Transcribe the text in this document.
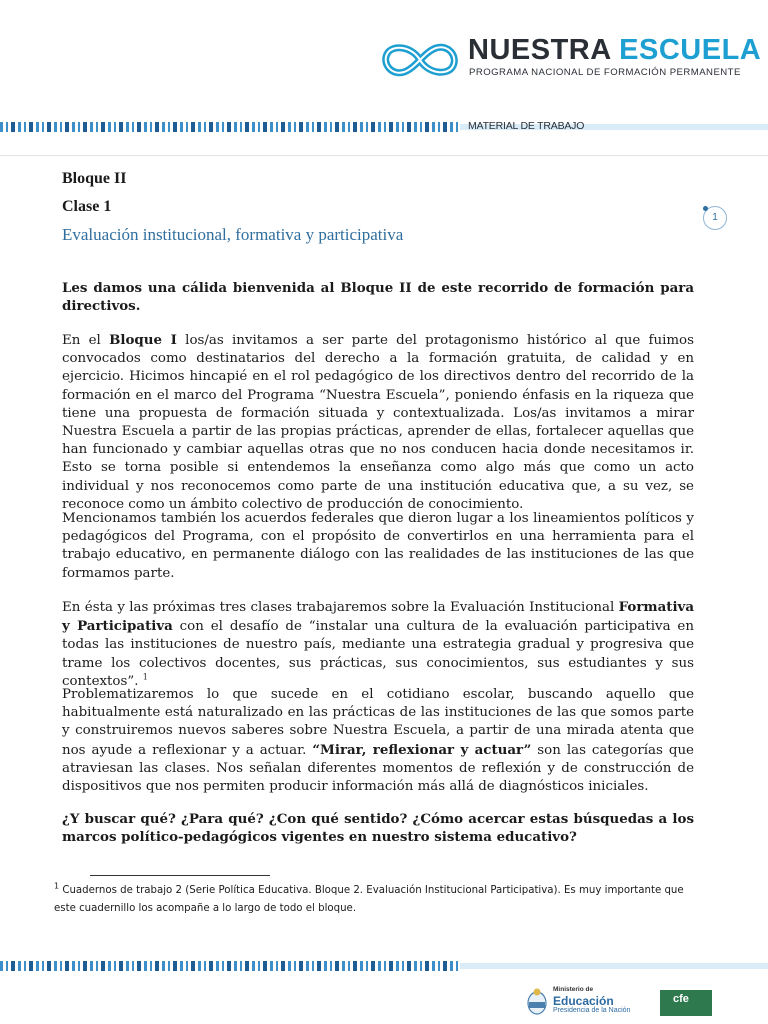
NUESTRA ESCUELA
PROGRAMA NACIONAL DE FORMACIÓN PERMANENTE
MATERIAL DE TRABAJO
Bloque II
Clase 1
Evaluación institucional, formativa y participativa
1
Les damos una cálida bienvenida al Bloque II de este recorrido de formación para directivos.
En el Bloque I los/as invitamos a ser parte del protagonismo histórico al que fuimos convocados como destinatarios del derecho a la formación gratuita, de calidad y en ejercicio. Hicimos hincapié en el rol pedagógico de los directivos dentro del recorrido de la formación en el marco del Programa “Nuestra Escuela”, poniendo énfasis en la riqueza que tiene una propuesta de formación situada y contextualizada. Los/as invitamos a mirar Nuestra Escuela a partir de las propias prácticas, aprender de ellas, fortalecer aquellas que han funcionado y cambiar aquellas otras que no nos conducen hacia donde necesitamos ir. Esto se torna posible si entendemos la enseñanza como algo más que como un acto individual y nos reconocemos como parte de una institución educativa que, a su vez, se reconoce como un ámbito colectivo de producción de conocimiento.
Mencionamos también los acuerdos federales que dieron lugar a los lineamientos políticos y pedagógicos del Programa, con el propósito de convertirlos en una herramienta para el trabajo educativo, en permanente diálogo con las realidades de las instituciones de las que formamos parte.
En ésta y las próximas tres clases trabajaremos sobre la Evaluación Institucional Formativa y Participativa con el desafío de “instalar una cultura de la evaluación participativa en todas las instituciones de nuestro país, mediante una estrategia gradual y progresiva que trame los colectivos docentes, sus prácticas, sus conocimientos, sus estudiantes y sus contextos”. $^1$
Problematizaremos lo que sucede en el cotidiano escolar, buscando aquello que habitualmente está naturalizado en las prácticas de las instituciones de las que somos parte y construiremos nuevos saberes sobre Nuestra Escuela, a partir de una mirada atenta que nos ayude a reflexionar y a actuar. “Mirar, reflexionar y actuar” son las categorías que atraviesan las clases. Nos señalan diferentes momentos de reflexión y de construcción de dispositivos que nos permiten producir información más allá de diagnósticos iniciales.
¿Y buscar qué? ¿Para qué? ¿Con qué sentido? ¿Cómo acercar estas búsquedas a los marcos político-pedagógicos vigentes en nuestro sistema educativo?
$^1$ Cuadernos de trabajo 2 (Serie Política Educativa. Bloque 2. Evaluación Institucional Participativa). Es muy importante que este cuadernillo los acompañe a lo largo de todo el bloque.
Ministerio de
Educación
Presidencia de la Nación
cfe
